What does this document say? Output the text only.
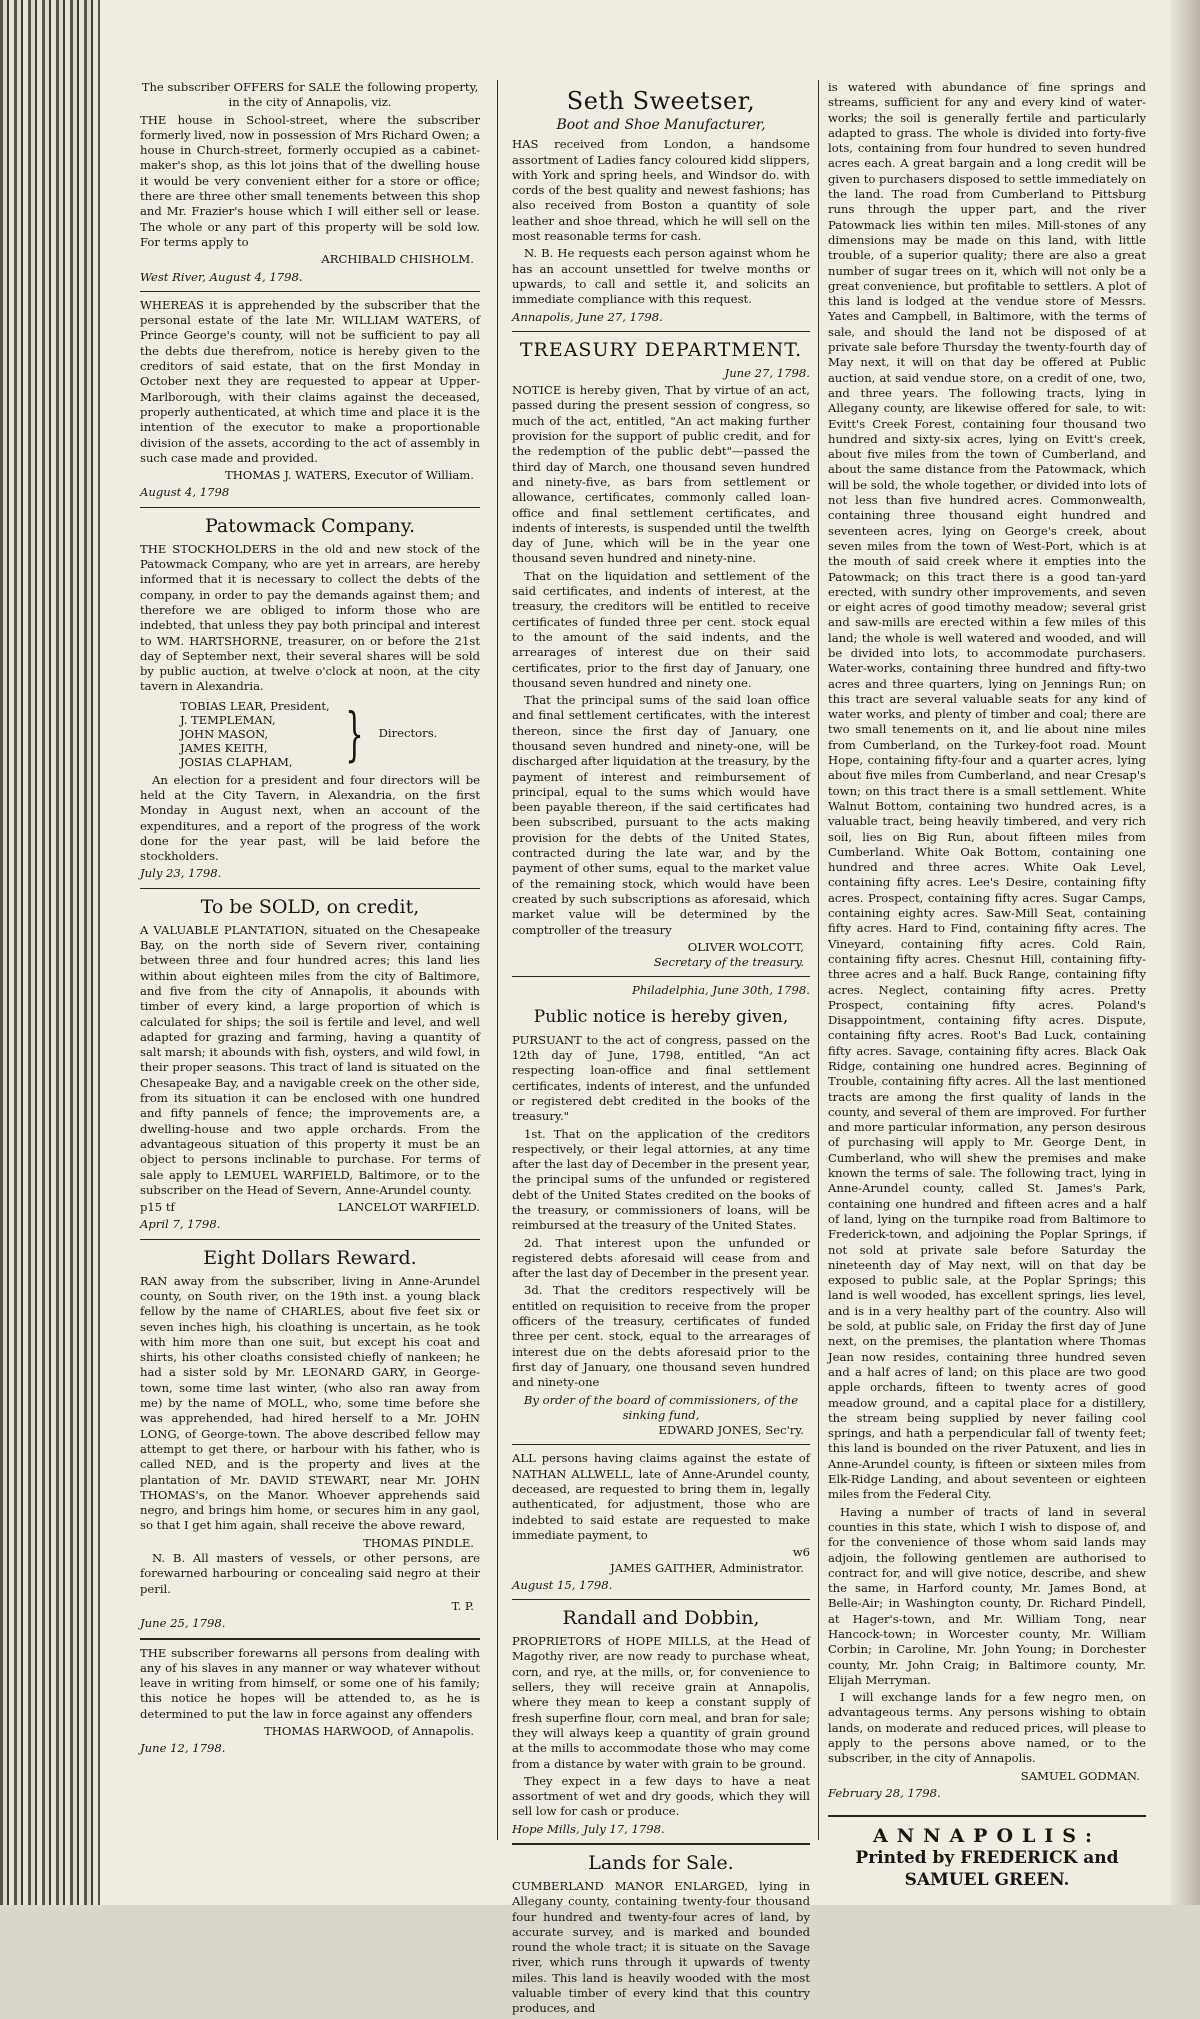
The subscriber OFFERS for SALE the following property, in the city of Annapolis, viz.

THE house in School-street, where the subscriber formerly lived, now in possession of Mrs Richard Owen; a house in Church-street, formerly occupied as a cabinet-maker's shop, as this lot joins that of the dwelling house it would be very convenient either for a store or office; there are three other small tenements between this shop and Mr. Frazier's house which I will either sell or lease. The whole or any part of this property will be sold low. For terms apply to

ARCHIBALD CHISHOLM.
West River, August 4, 1798.

WHEREAS it is apprehended by the subscriber that the personal estate of the late Mr. WILLIAM WATERS, of Prince George's county, will not be sufficient to pay all the debts due therefrom, notice is hereby given to the creditors of said estate, that on the first Monday in October next they are requested to appear at Upper-Marlborough, with their claims against the deceased, properly authenticated, at which time and place it is the intention of the executor to make a proportionable division of the assets, according to the act of assembly in such case made and provided.

THOMAS J. WATERS, Executor of William.
August 4, 1798
Patowmack Company.

THE STOCKHOLDERS in the old and new stock of the Patowmack Company, who are yet in arrears, are hereby informed that it is necessary to collect the debts of the company, in order to pay the demands against them; and therefore we are obliged to inform those who are indebted, that unless they pay both principal and interest to WM. HARTSHORNE, treasurer, on or before the 21st day of September next, their several shares will be sold by public auction, at twelve o'clock at noon, at the city tavern in Alexandria.

TOBIAS LEAR, President,
J. TEMPLEMAN,
JOHN MASON,
JAMES KEITH,
JOSIAS CLAPHAM, } Directors.

An election for a president and four directors will be held at the City Tavern, in Alexandria, on the first Monday in August next, when an account of the expenditures, and a report of the progress of the work done for the year past, will be laid before the stockholders.

July 23, 1798.
To be SOLD, on credit,

A VALUABLE PLANTATION, situated on the Chesapeake Bay, on the north side of Severn river, containing between three and four hundred acres; this land lies within about eighteen miles from the city of Baltimore, and five from the city of Annapolis, it abounds with timber of every kind, a large proportion of which is calculated for ships; the soil is fertile and level, and well adapted for grazing and farming, having a quantity of salt marsh; it abounds with fish, oysters, and wild fowl, in their proper seasons. This tract of land is situated on the Chesapeake Bay, and a navigable creek on the other side, from its situation it can be enclosed with one hundred and fifty pannels of fence; the improvements are, a dwelling-house and two apple orchards. From the advantageous situation of this property it must be an object to persons inclinable to purchase. For terms of sale apply to LEMUEL WARFIELD, Baltimore, or to the subscriber on the Head of Severn, Anne-Arundel county.

p15 tf	LANCELOT WARFIELD.
April 7, 1798.
Eight Dollars Reward.

RAN away from the subscriber, living in Anne-Arundel county, on South river, on the 19th inst. a young black fellow by the name of CHARLES, about five feet six or seven inches high, his cloathing is uncertain, as he took with him more than one suit, but except his coat and shirts, his other cloaths consisted chiefly of nankeen; he had a sister sold by Mr. LEONARD GARY, in George-town, some time last winter, (who also ran away from me) by the name of MOLL, who, some time before she was apprehended, had hired herself to a Mr. JOHN LONG, of George-town. The above described fellow may attempt to get there, or harbour with his father, who is called NED, and is the property and lives at the plantation of Mr. DAVID STEWART, near Mr. JOHN THOMAS's, on the Manor. Whoever apprehends said negro, and brings him home, or secures him in any gaol, so that I get him again, shall receive the above reward,

THOMAS PINDLE.

N. B. All masters of vessels, or other persons, are forewarned harbouring or concealing said negro at their peril.

T. P.
June 25, 1798.

THE subscriber forewarns all persons from dealing with any of his slaves in any manner or way whatever without leave in writing from himself, or some one of his family; this notice he hopes will be attended to, as he is determined to put the law in force against any offenders

THOMAS HARWOOD, of Annapolis.
June 12, 1798.
Seth Sweetser,
Boot and Shoe Manufacturer,

HAS received from London, a handsome assortment of Ladies fancy coloured kidd slippers, with York and spring heels, and Windsor do. with cords of the best quality and newest fashions; has also received from Boston a quantity of sole leather and shoe thread, which he will sell on the most reasonable terms for cash.

N. B. He requests each person against whom he has an account unsettled for twelve months or upwards, to call and settle it, and solicits an immediate compliance with this request.

Annapolis, June 27, 1798.
TREASURY DEPARTMENT.
June 27, 1798.

NOTICE is hereby given, That by virtue of an act, passed during the present session of congress, so much of the act, entitled, "An act making further provision for the support of public credit, and for the redemption of the public debt"—passed the third day of March, one thousand seven hundred and ninety-five, as bars from settlement or allowance, certificates, commonly called loan-office and final settlement certificates, and indents of interests, is suspended until the twelfth day of June, which will be in the year one thousand seven hundred and ninety-nine.

That on the liquidation and settlement of the said certificates, and indents of interest, at the treasury, the creditors will be entitled to receive certificates of funded three per cent. stock equal to the amount of the said indents, and the arrearages of interest due on their said certificates, prior to the first day of January, one thousand seven hundred and ninety one.

That the principal sums of the said loan office and final settlement certificates, with the interest thereon, since the first day of January, one thousand seven hundred and ninety-one, will be discharged after liquidation at the treasury, by the payment of interest and reimbursement of principal, equal to the sums which would have been payable thereon, if the said certificates had been subscribed, pursuant to the acts making provision for the debts of the United States, contracted during the late war, and by the payment of other sums, equal to the market value of the remaining stock, which would have been created by such subscriptions as aforesaid, which market value will be determined by the comptroller of the treasury

OLIVER WOLCOTT,
Secretary of the treasury.
Philadelphia, June 30th, 1798.
Public notice is hereby given,

PURSUANT to the act of congress, passed on the 12th day of June, 1798, entitled, "An act respecting loan-office and final settlement certificates, indents of interest, and the unfunded or registered debt credited in the books of the treasury."

1st. That on the application of the creditors respectively, or their legal attornies, at any time after the last day of December in the present year, the principal sums of the unfunded or registered debt of the United States credited on the books of the treasury, or commissioners of loans, will be reimbursed at the treasury of the United States.

2d. That interest upon the unfunded or registered debts aforesaid will cease from and after the last day of December in the present year.

3d. That the creditors respectively will be entitled on requisition to receive from the proper officers of the treasury, certificates of funded three per cent. stock, equal to the arrearages of interest due on the debts aforesaid prior to the first day of January, one thousand seven hundred and ninety-one

By order of the board of commissioners, of the sinking fund,
EDWARD JONES, Sec'ry.

ALL persons having claims against the estate of NATHAN ALLWELL, late of Anne-Arundel county, deceased, are requested to bring them in, legally authenticated, for adjustment, those who are indebted to said estate are requested to make immediate payment, to

w6
JAMES GAITHER, Administrator.
August 15, 1798.
Randall and Dobbin,

PROPRIETORS of HOPE MILLS, at the Head of Magothy river, are now ready to purchase wheat, corn, and rye, at the mills, or, for convenience to sellers, they will receive grain at Annapolis, where they mean to keep a constant supply of fresh superfine flour, corn meal, and bran for sale; they will always keep a quantity of grain ground at the mills to accommodate those who may come from a distance by water with grain to be ground.

They expect in a few days to have a neat assortment of wet and dry goods, which they will sell low for cash or produce.

Hope Mills, July 17, 1798.
Lands for Sale.

CUMBERLAND MANOR ENLARGED, lying in Allegany county, containing twenty-four thousand four hundred and twenty-four acres of land, by accurate survey, and is marked and bounded round the whole tract; it is situate on the Savage river, which runs through it upwards of twenty miles. This land is heavily wooded with the most valuable timber of every kind that this country produces, and

is watered with abundance of fine springs and streams, sufficient for any and every kind of water-works; the soil is generally fertile and particularly adapted to grass. The whole is divided into forty-five lots, containing from four hundred to seven hundred acres each. A great bargain and a long credit will be given to purchasers disposed to settle immediately on the land. The road from Cumberland to Pittsburg runs through the upper part, and the river Patowmack lies within ten miles. Mill-stones of any dimensions may be made on this land, with little trouble, of a superior quality; there are also a great number of sugar trees on it, which will not only be a great convenience, but profitable to settlers. A plot of this land is lodged at the vendue store of Messrs. Yates and Campbell, in Baltimore, with the terms of sale, and should the land not be disposed of at private sale before Thursday the twenty-fourth day of May next, it will on that day be offered at Public auction, at said vendue store, on a credit of one, two, and three years. The following tracts, lying in Allegany county, are likewise offered for sale, to wit: Evitt's Creek Forest, containing four thousand two hundred and sixty-six acres, lying on Evitt's creek, about five miles from the town of Cumberland, and about the same distance from the Patowmack, which will be sold, the whole together, or divided into lots of not less than five hundred acres. Commonwealth, containing three thousand eight hundred and seventeen acres, lying on George's creek, about seven miles from the town of West-Port, which is at the mouth of said creek where it empties into the Patowmack; on this tract there is a good tan-yard erected, with sundry other improvements, and seven or eight acres of good timothy meadow; several grist and saw-mills are erected within a few miles of this land; the whole is well watered and wooded, and will be divided into lots, to accommodate purchasers. Water-works, containing three hundred and fifty-two acres and three quarters, lying on Jennings Run; on this tract are several valuable seats for any kind of water works, and plenty of timber and coal; there are two small tenements on it, and lie about nine miles from Cumberland, on the Turkey-foot road. Mount Hope, containing fifty-four and a quarter acres, lying about five miles from Cumberland, and near Cresap's town; on this tract there is a small settlement. White Walnut Bottom, containing two hundred acres, is a valuable tract, being heavily timbered, and very rich soil, lies on Big Run, about fifteen miles from Cumberland. White Oak Bottom, containing one hundred and three acres. White Oak Level, containing fifty acres. Lee's Desire, containing fifty acres. Prospect, containing fifty acres. Sugar Camps, containing eighty acres. Saw-Mill Seat, containing fifty acres. Hard to Find, containing fifty acres. The Vineyard, containing fifty acres. Cold Rain, containing fifty acres. Chesnut Hill, containing fifty-three acres and a half. Buck Range, containing fifty acres. Neglect, containing fifty acres. Pretty Prospect, containing fifty acres. Poland's Disappointment, containing fifty acres. Dispute, containing fifty acres. Root's Bad Luck, containing fifty acres. Savage, containing fifty acres. Black Oak Ridge, containing one hundred acres. Beginning of Trouble, containing fifty acres. All the last mentioned tracts are among the first quality of lands in the county, and several of them are improved. For further and more particular information, any person desirous of purchasing will apply to Mr. George Dent, in Cumberland, who will shew the premises and make known the terms of sale. The following tract, lying in Anne-Arundel county, called St. James's Park, containing one hundred and fifteen acres and a half of land, lying on the turnpike road from Baltimore to Frederick-town, and adjoining the Poplar Springs, if not sold at private sale before Saturday the nineteenth day of May next, will on that day be exposed to public sale, at the Poplar Springs; this land is well wooded, has excellent springs, lies level, and is in a very healthy part of the country. Also will be sold, at public sale, on Friday the first day of June next, on the premises, the plantation where Thomas Jean now resides, containing three hundred seven and a half acres of land; on this place are two good apple orchards, fifteen to twenty acres of good meadow ground, and a capital place for a distillery, the stream being supplied by never failing cool springs, and hath a perpendicular fall of twenty feet; this land is bounded on the river Patuxent, and lies in Anne-Arundel county, is fifteen or sixteen miles from Elk-Ridge Landing, and about seventeen or eighteen miles from the Federal City.

Having a number of tracts of land in several counties in this state, which I wish to dispose of, and for the convenience of those whom said lands may adjoin, the following gentlemen are authorised to contract for, and will give notice, describe, and shew the same, in Harford county, Mr. James Bond, at Belle-Air; in Washington county, Dr. Richard Pindell, at Hager's-town, and Mr. William Tong, near Hancock-town; in Worcester county, Mr. William Corbin; in Caroline, Mr. John Young; in Dorchester county, Mr. John Craig; in Baltimore county, Mr. Elijah Merryman.

I will exchange lands for a few negro men, on advantageous terms. Any persons wishing to obtain lands, on moderate and reduced prices, will please to apply to the persons above named, or to the subscriber, in the city of Annapolis.

SAMUEL GODMAN.
February 28, 1798.
ANNAPOLIS:
Printed by FREDERICK and SAMUEL GREEN.
